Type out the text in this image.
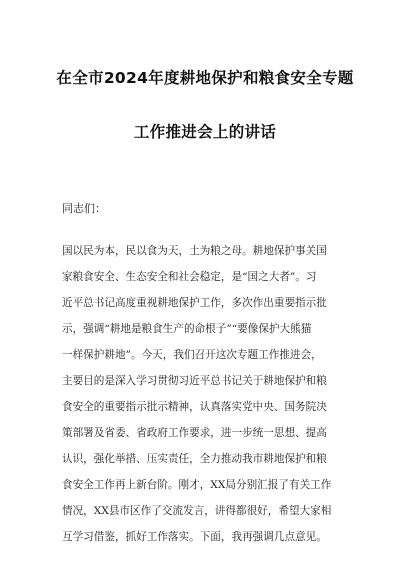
在全市2024年度耕地保护和粮食安全专题
工作推进会上的讲话
同志们：
国以民为本，民以食为天，土为粮之母。耕地保护事关国
家粮食安全、生态安全和社会稳定，是“国之大者”。习
近平总书记高度重视耕地保护工作，多次作出重要指示批
示，强调“耕地是粮食生产的命根子”“要像保护大熊猫
一样保护耕地”。今天，我们召开这次专题工作推进会，
主要目的是深入学习贯彻习近平总书记关于耕地保护和粮
食安全的重要指示批示精神，认真落实党中央、国务院决
策部署及省委、省政府工作要求，进一步统一思想、提高
认识，强化举措、压实责任，全力推动我市耕地保护和粮
食安全工作再上新台阶。刚才，XX局分别汇报了有关工作
情况，XX县市区作了交流发言，讲得都很好，希望大家相
互学习借鉴，抓好工作落实。下面，我再强调几点意见。
